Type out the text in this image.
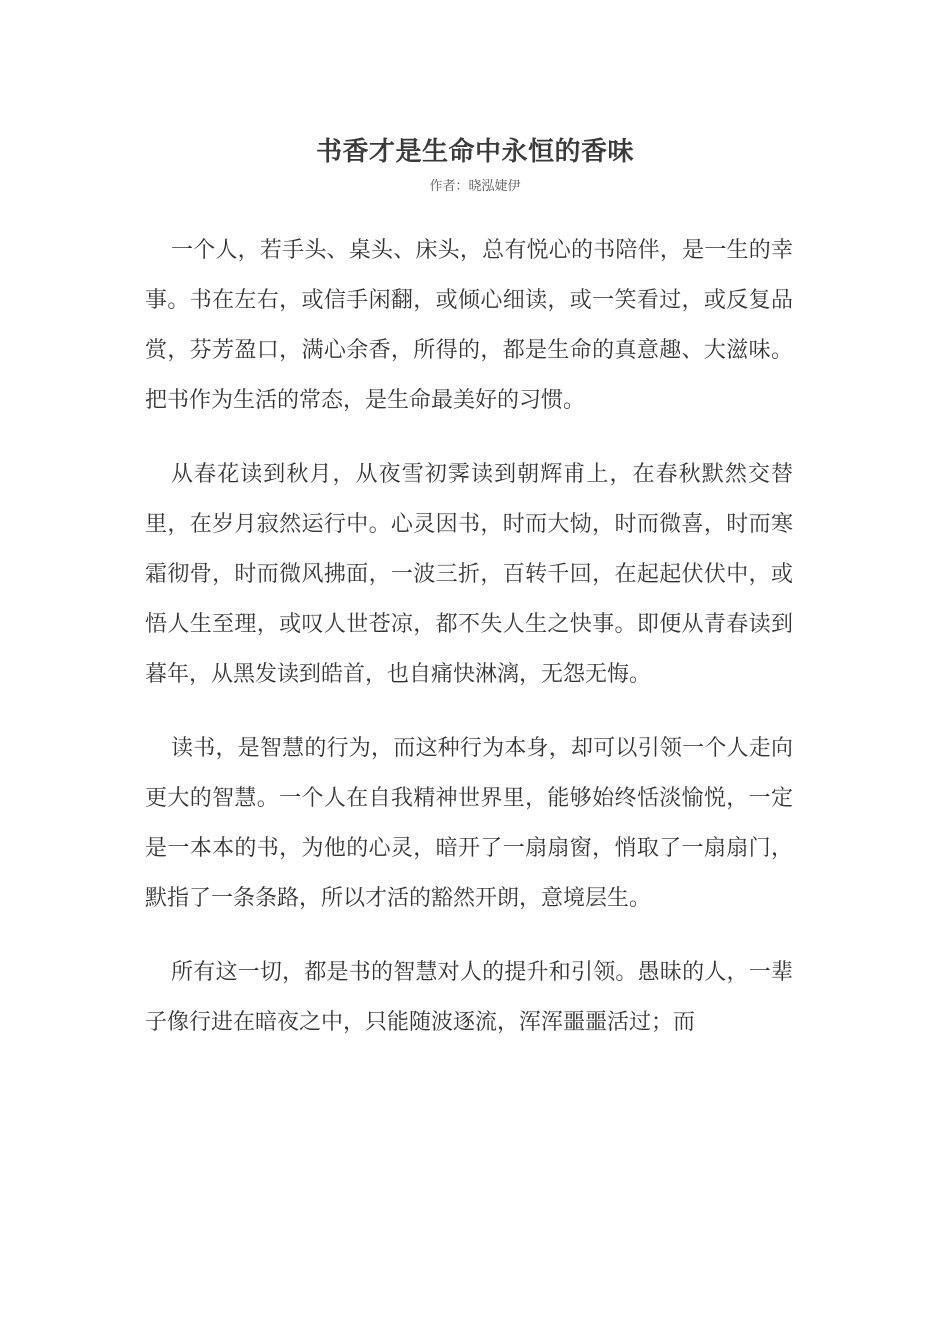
书香才是生命中永恒的香味
作者：晓泓婕伊

一个人，若手头、桌头、床头，总有悦心的书陪伴，是一生的幸事。书在左右，或信手闲翻，或倾心细读，或一笑看过，或反复品赏，芬芳盈口，满心余香，所得的，都是生命的真意趣、大滋味。把书作为生活的常态，是生命最美好的习惯。

从春花读到秋月，从夜雪初霁读到朝辉甫上，在春秋默然交替里，在岁月寂然运行中。心灵因书，时而大恸，时而微喜，时而寒霜彻骨，时而微风拂面，一波三折，百转千回，在起起伏伏中，或悟人生至理，或叹人世苍凉，都不失人生之快事。即便从青春读到暮年，从黑发读到皓首，也自痛快淋漓，无怨无悔。

读书，是智慧的行为，而这种行为本身，却可以引领一个人走向更大的智慧。一个人在自我精神世界里，能够始终恬淡愉悦，一定是一本本的书，为他的心灵，暗开了一扇扇窗，悄取了一扇扇门，默指了一条条路，所以才活的豁然开朗，意境层生。

所有这一切，都是书的智慧对人的提升和引领。愚昧的人，一辈子像行进在暗夜之中，只能随波逐流，浑浑噩噩活过；而
